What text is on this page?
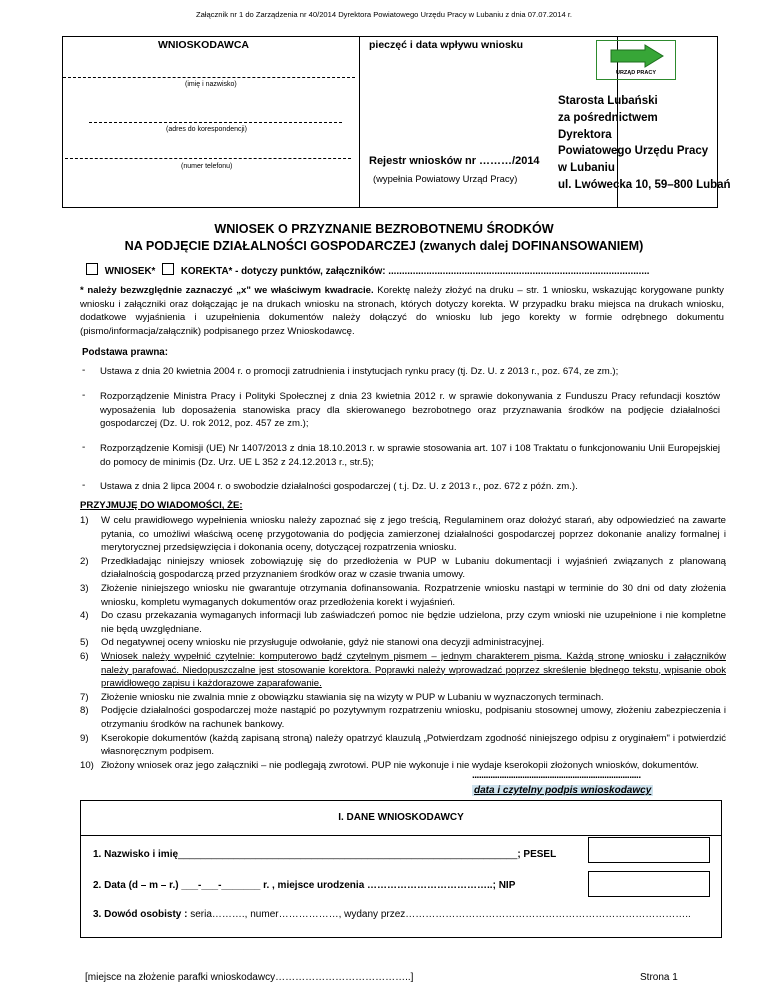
Załącznik nr 1 do Zarządzenia nr 40/2014 Dyrektora Powiatowego Urzędu Pracy w Lubaniu z dnia 07.07.2014 r.
WNIOSKODAWCA
(imię i nazwisko)
(adres do korespondencji)
(numer telefonu)
pieczęć i data wpływu wniosku
Rejestr wniosków nr ………/2014
(wypełnia Powiatowy Urząd Pracy)
URZĄD PRACY
Starosta Lubański
za pośrednictwem
Dyrektora
Powiatowego Urzędu Pracy
w Lubaniu
ul. Lwówecka 10, 59–800 Lubań
WNIOSEK O PRZYZNANIE BEZROBOTNEMU ŚRODKÓW
NA PODJĘCIE DZIAŁALNOŚCI GOSPODARCZEJ (zwanych dalej DOFINANSOWANIEM)
WNIOSEK*	KOREKTA* - dotyczy punktów, załączników: ................................................................................................
* należy bezwzględnie zaznaczyć „x" we właściwym kwadracie. Korektę należy złożyć na druku – str. 1 wniosku, wskazując korygowane punkty wniosku i załączniki oraz dołączając je na drukach wniosku na stronach, których dotyczy korekta. W przypadku braku miejsca na drukach wniosku, dodatkowe wyjaśnienia i uzupełnienia dokumentów należy dołączyć do wniosku lub jego korekty w formie odrębnego dokumentu (pismo/informacja/załącznik) podpisanego przez Wnioskodawcę.
Podstawa prawna:
- Ustawa z dnia 20 kwietnia 2004 r. o promocji zatrudnienia i instytucjach rynku pracy (tj. Dz. U. z 2013 r., poz. 674, ze zm.);
- Rozporządzenie Ministra Pracy i Polityki Społecznej z dnia 23 kwietnia 2012 r. w sprawie dokonywania z Funduszu Pracy refundacji kosztów wyposażenia lub doposażenia stanowiska pracy dla skierowanego bezrobotnego oraz przyznawania środków na podjęcie działalności gospodarczej (Dz. U. rok 2012, poz. 457 ze zm.);
- Rozporządzenie Komisji (UE) Nr 1407/2013 z dnia 18.10.2013 r. w sprawie stosowania art. 107 i 108 Traktatu o funkcjonowaniu Unii Europejskiej do pomocy de minimis (Dz. Urz. UE L 352 z 24.12.2013 r., str.5);
- Ustawa z dnia 2 lipca 2004 r. o swobodzie działalności gospodarczej ( t.j. Dz. U. z 2013 r., poz. 672 z późn. zm.).
PRZYJMUJĘ DO WIADOMOŚCI, ŻE:
1) W celu prawidłowego wypełnienia wniosku należy zapoznać się z jego treścią, Regulaminem oraz dołożyć starań, aby odpowiedzieć na zawarte pytania, co umożliwi właściwą ocenę przygotowania do podjęcia zamierzonej działalności gospodarczej poprzez dokonanie analizy formalnej i merytorycznej przedsięwzięcia i dokonania oceny, dotyczącej rozpatrzenia wniosku.
2) Przedkładając niniejszy wniosek zobowiązuję się do przedłożenia w PUP w Lubaniu dokumentacji i wyjaśnień związanych z planowaną działalnością gospodarczą przed przyznaniem środków oraz w czasie trwania umowy.
3) Złożenie niniejszego wniosku nie gwarantuje otrzymania dofinansowania. Rozpatrzenie wniosku nastąpi w terminie do 30 dni od daty złożenia wniosku, kompletu wymaganych dokumentów oraz przedłożenia korekt i wyjaśnień.
4) Do czasu przekazania wymaganych informacji lub zaświadczeń pomoc nie będzie udzielona, przy czym wnioski nie uzupełnione i nie kompletne nie będą uwzględniane.
5) Od negatywnej oceny wniosku nie przysługuje odwołanie, gdyż nie stanowi ona decyzji administracyjnej.
6) Wniosek należy wypełnić czytelnie: komputerowo bądź czytelnym pismem – jednym charakterem pisma. Każdą stronę wniosku i załączników należy parafować. Niedopuszczalne jest stosowanie korektora. Poprawki należy wprowadzać poprzez skreślenie błędnego tekstu, wpisanie obok prawidłowego zapisu i każdorazowe zaparafowanie.
7) Złożenie wniosku nie zwalnia mnie z obowiązku stawiania się na wizyty w PUP w Lubaniu w wyznaczonych terminach.
8) Podjęcie działalności gospodarczej może nastąpić po pozytywnym rozpatrzeniu wniosku, podpisaniu stosownej umowy, złożeniu zabezpieczenia i otrzymaniu środków na rachunek bankowy.
9) Kserokopie dokumentów (każdą zapisaną stroną) należy opatrzyć klauzulą „Potwierdzam zgodność niniejszego odpisu z oryginałem" i potwierdzić własnoręcznym podpisem.
10) Złożony wniosek oraz jego załączniki – nie podlegają zwrotowi. PUP nie wykonuje i nie wydaje kserokopii złożonych wniosków, dokumentów.
..........................................................................
data i czytelny podpis wnioskodawcy
I. DANE WNIOSKODAWCY
1. Nazwisko i imię_____________________________________________________________; PESEL
2. Data (d – m – r.) ___-___-_______ r. , miejsce urodzenia ………………………………..; NIP
3. Dowód osobisty : seria………., numer………………, wydany przez…………………………………………………………………………..
[miejsce na złożenie parafki wnioskodawcy…………………………………..]	Strona 1
